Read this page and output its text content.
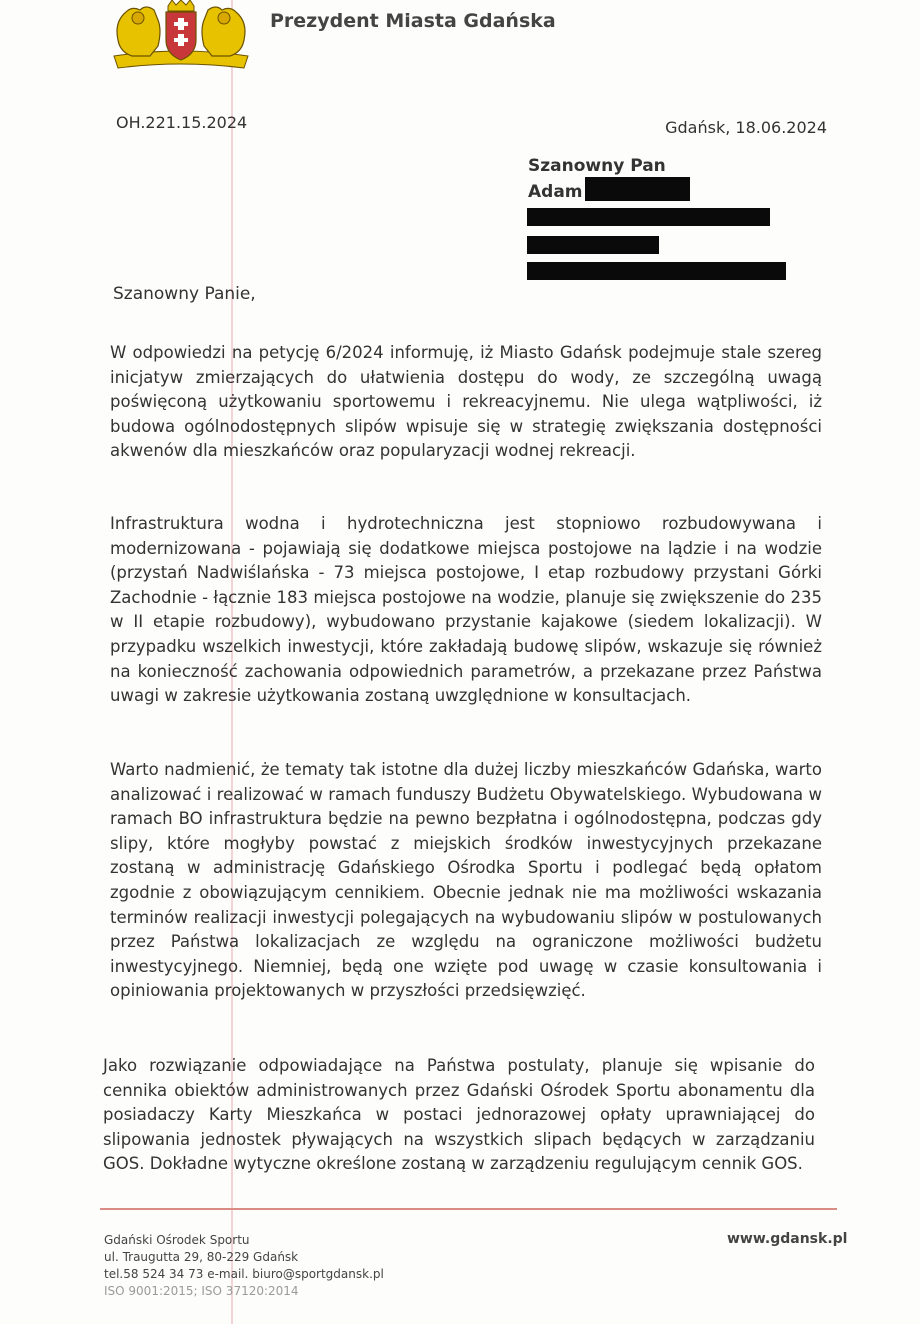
Prezydent Miasta Gdańska
OH.221.15.2024	Gdańsk, 18.06.2024
Szanowny Pan
Adam
Szanowny Panie,

W odpowiedzi na petycję 6/2024 informuję, iż Miasto Gdańsk podejmuje stale szereg inicjatyw zmierzających do ułatwienia dostępu do wody, ze szczególną uwagą poświęconą użytkowaniu sportowemu i rekreacyjnemu. Nie ulega wątpliwości, iż budowa ogólnodostępnych slipów wpisuje się w strategię zwiększania dostępności akwenów dla mieszkańców oraz popularyzacji wodnej rekreacji.

Infrastruktura wodna i hydrotechniczna jest stopniowo rozbudowywana i modernizowana - pojawiają się dodatkowe miejsca postojowe na lądzie i na wodzie (przystań Nadwiślańska - 73 miejsca postojowe, I etap rozbudowy przystani Górki Zachodnie - łącznie 183 miejsca postojowe na wodzie, planuje się zwiększenie do 235 w II etapie rozbudowy), wybudowano przystanie kajakowe (siedem lokalizacji). W przypadku wszelkich inwestycji, które zakładają budowę slipów, wskazuje się również na konieczność zachowania odpowiednich parametrów, a przekazane przez Państwa uwagi w zakresie użytkowania zostaną uwzględnione w konsultacjach.

Warto nadmienić, że tematy tak istotne dla dużej liczby mieszkańców Gdańska, warto analizować i realizować w ramach funduszy Budżetu Obywatelskiego. Wybudowana w ramach BO infrastruktura będzie na pewno bezpłatna i ogólnodostępna, podczas gdy slipy, które mogłyby powstać z miejskich środków inwestycyjnych przekazane zostaną w administrację Gdańskiego Ośrodka Sportu i podlegać będą opłatom zgodnie z obowiązującym cennikiem. Obecnie jednak nie ma możliwości wskazania terminów realizacji inwestycji polegających na wybudowaniu slipów w postulowanych przez Państwa lokalizacjach ze względu na ograniczone możliwości budżetu inwestycyjnego. Niemniej, będą one wzięte pod uwagę w czasie konsultowania i opiniowania projektowanych w przyszłości przedsięwzięć.

Jako rozwiązanie odpowiadające na Państwa postulaty, planuje się wpisanie do cennika obiektów administrowanych przez Gdański Ośrodek Sportu abonamentu dla posiadaczy Karty Mieszkańca w postaci jednorazowej opłaty uprawniającej do slipowania jednostek pływających na wszystkich slipach będących w zarządzaniu GOS. Dokładne wytyczne określone zostaną w zarządzeniu regulującym cennik GOS.

Gdański Ośrodek Sportu
ul. Traugutta 29, 80-229 Gdańsk
tel.58 524 34 73 e-mail. biuro@sportgdansk.pl
ISO 9001:2015; ISO 37120:2014
www.gdansk.pl
